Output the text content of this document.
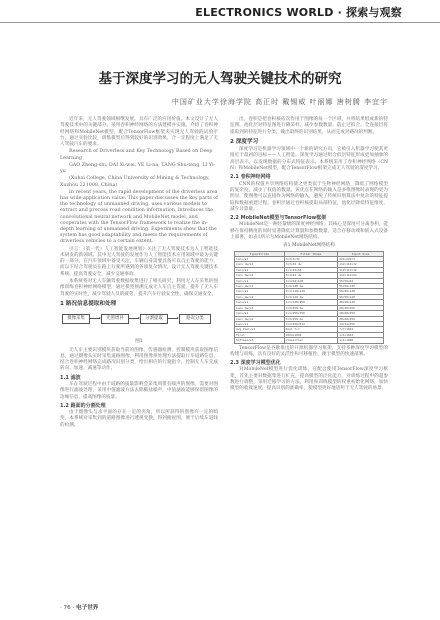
ELECTRONICS WORLD · 探索与观察
基于深度学习的无人驾驶关键技术的研究
中国矿业大学徐海学院 高正时 戴锡威 叶丽娜 唐树腾 李宜宇

近年来，无人驾驶领域相继发展。具有广泛的应用价值。本文设计了无人驾驶技术中的关键部分，采用卷积神经网络的方法建模并实施。介绍了卷积神经网络和MobileNet模型，配合TensorFlow框架来实现无人驾驶的试验平台，通过实验比较，训练模型后得到较好的识别效果，合一定程度上满足了无人驾驶汽车的要求。

Research of Driverless and Key Technology Based on Deep Learning

GAO Zheng-shi, DAI Xi-wei, YE Li-na, TANG Shu-teng, LI Yi-yu

(Xuhai College, China University of Mining & Technology, Xuzhou 221008, China)

In recent years, the rapid development of the driverless area has wide application value. This paper discusses the key parts of the technology of unmanned driving, uses various models to extract and process road condition information, introduces the convolutional neural network and MobileNet model, and cooperates with the TensorFlow framework to realize the in-depth learning of unmanned driving. Experiments show that the system has good adaptability and meets the requirements of driverless vehicles to a certain extent.

引言：（第一代）人工智能发展规划》关注了无人驾驶技术为人工智能技术研发的新领域。其中无人驾驶的发展作为人工智能技术应用领域中最为关键的一部分，在汽车领域中备受关注，车辆自身需要具备可以自主驾驶的能力，而以下结合驾驶员在路上行驶所遇到的各项复杂情况，设计无人驾驶关键技术系统，提高驾驶安全，减少交通事故。

本系统将对无人车辆驾驶数据收集进行了相关研究，利用无人车采集的图像训练卷积神经网络模型，通过模型预测完成无人车自主驾驶，提升了无人车驾驶的实时性，减少驾驶人员的疲劳，提升汽车行驶安全性，确保交通安全。

1 路况信息提取和处理
摄像采集	光照增补	分割提取	路况分类
图1

无人车主要识别模块获取当前的图像，传感器检测、控制模块获取图像信息，通过摄像头实时采集道路图像，利用图像预处理方法提取行车道路信息，结合卷积神经网络完成路况识别分类，给出相应的行驶指令，控制无人车完成转向、加速、减速等动作。

1.1 滤波

车在驾驶过程中由于道路的质量影响会采集到带有噪声的图像，需要对图像进行滤波处理，采用中值滤波方法去除椒盐噪声，中值滤波能够保留图像的边缘信息，提高图像的质量。

1.2 路面的分割处理

由于摄像头与水平面的存在一定的夹角，所以所获得的图像有一定的畸变，本系统对采集到的道路图像进行透视变换，得到俯视图，便于后续车道线的检测。

出，卷积是把卷积核依次作用于图像的每一个区域，并将结果组成新的特征图。池化层对特征图进行降采样，减少参数数量，防止过拟合。全连接层将提取到的特征进行分类，输出最终的识别结果，从而完成对路况的判断。

2 深度学习

深度学习是机器学习领域中一个新的研究方向，它被引入机器学习使其更接近于最初的目标——人工智能。深度学习通过组合低层特征形成更加抽象的高层表示，以发现数据的分布式特征表示。本系统采用了卷积神经网络（CNN）和MobileNet模型，配合TensorFlow框架完成无人驾驶的深度学习。

2.1 卷积神经网络

CNN的权值共享网络结构使之更类似于生物神经网络，降低了网络模型的复杂度，减少了权值的数量。该优点在网络的输入是多维图像时表现的更为明显，使图像可以直接作为网络的输入，避免了传统识别算法中复杂的特征提取和数据重建过程。卷积层通过卷积核提取局部特征，池化层降低特征维度，减少计算量。

2.2 MobileNet模型与TensorFlow框架

MobileNet是一种轻量级的深度神经网络，其核心是深度可分离卷积，能够在保持精度的同时显著降低计算量和参数数量，适合在移动端和嵌入式设备上部署。如表1所示为MobileNet网络结构。

表1 MobileNet网络结构
Type/Stride	Filter Shape	Input Size
Conv/s2	3×3×3×32	224×224×3
Conv dw/s1	3×3×32 dw	112×112×32
Conv/s1	1×1×32×64	112×112×32
Conv dw/s2	3×3×64 dw	112×112×64
Conv/s1	1×1×64×128	56×56×64
Conv dw/s1	3×3×128 dw	56×56×128
Conv/s1	1×1×128×128	56×56×128
Conv dw/s2	3×3×128 dw	56×56×128
Conv/s1	1×1×128×256	28×28×128
Conv dw/s1	3×3×256 dw	28×28×256
Conv/s1	1×1×256×256	28×28×256
Conv dw/s2	3×3×256 dw	28×28×256
Conv/s1	1×1×256×512	14×14×256
Avg Pool/s1	Pool 7×7	7×7×1024
FC/s1	1024×1000	1×1×1024
Softmax/s1	Classifier	1×1×1000

TensorFlow是谷歌推出的开源机器学习框架，支持多种深度学习模型的构建与训练，具有良好的灵活性和可移植性，便于模型的快速部署。

2.3 深度学习模型优化

对MobileNet模型进行优化训练，在配合使用TensorFlow深度学习框架，首先主要对数据集进行扩充，提高模型的泛化能力，对训练过程中的超参数进行调整，采用迁移学习的方法，利用预训练模型的权重初始化网络，加快模型的收敛速度，提高识别的准确率，使模型更好地适用于无人驾驶的场景。

· 76 · 电子世界
